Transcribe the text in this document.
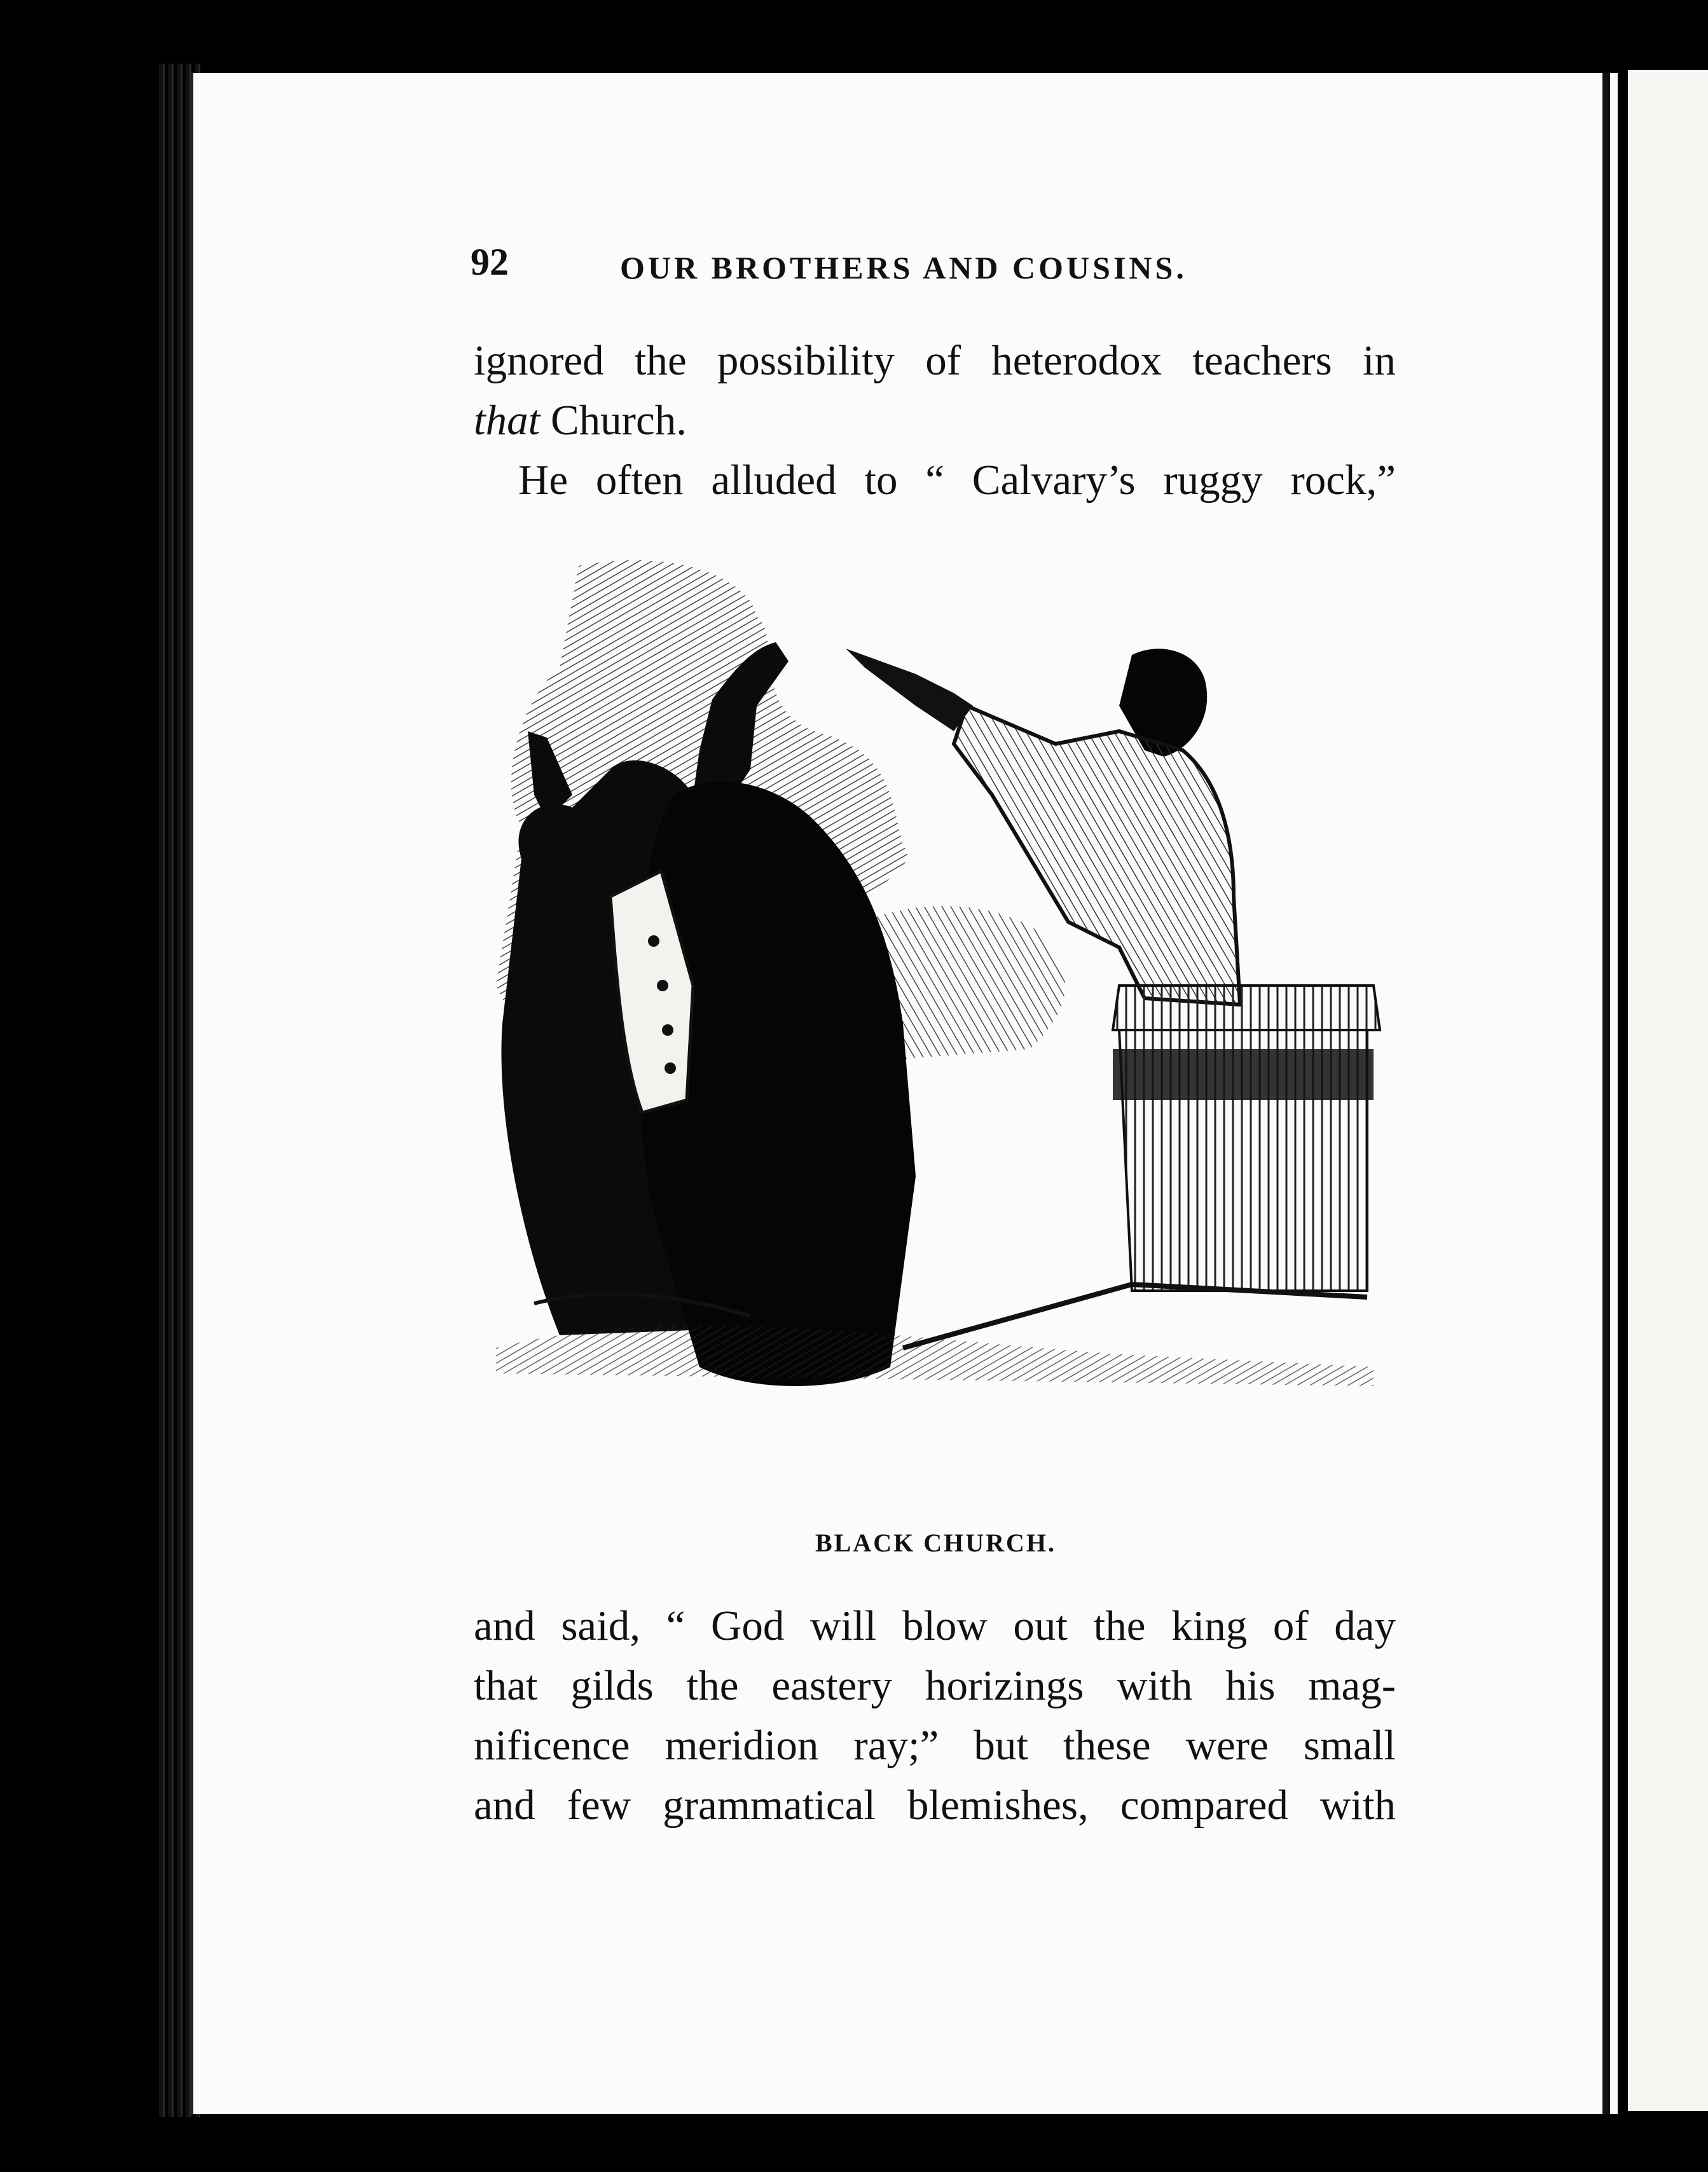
92	OUR BROTHERS AND COUSINS.
ignored the possibility of heterodox teachers in
that Church.
He often alluded to “ Calvary’s ruggy rock,”
BLACK CHURCH.
and said, “ God will blow out the king of day
that gilds the eastery horizings with his mag-
nificence meridion ray;” but these were small
and few grammatical blemishes, compared with
